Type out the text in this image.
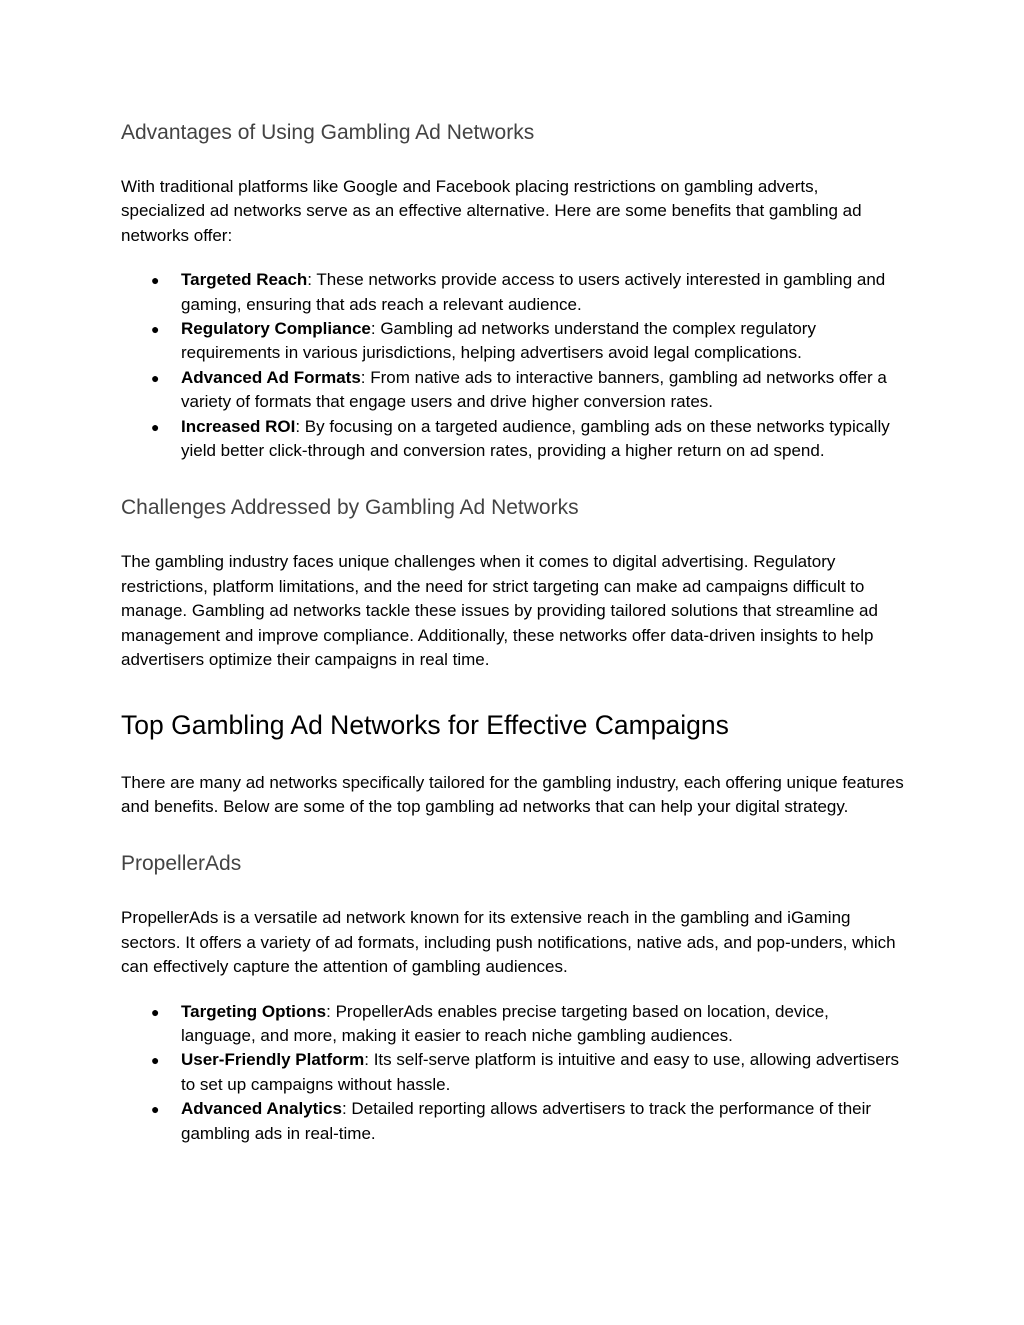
Advantages of Using Gambling Ad Networks

With traditional platforms like Google and Facebook placing restrictions on gambling adverts, specialized ad networks serve as an effective alternative. Here are some benefits that gambling ad networks offer:

● Targeted Reach: These networks provide access to users actively interested in gambling and gaming, ensuring that ads reach a relevant audience.
● Regulatory Compliance: Gambling ad networks understand the complex regulatory requirements in various jurisdictions, helping advertisers avoid legal complications.
● Advanced Ad Formats: From native ads to interactive banners, gambling ad networks offer a variety of formats that engage users and drive higher conversion rates.
● Increased ROI: By focusing on a targeted audience, gambling ads on these networks typically yield better click-through and conversion rates, providing a higher return on ad spend.
Challenges Addressed by Gambling Ad Networks

The gambling industry faces unique challenges when it comes to digital advertising. Regulatory restrictions, platform limitations, and the need for strict targeting can make ad campaigns difficult to manage. Gambling ad networks tackle these issues by providing tailored solutions that streamline ad management and improve compliance. Additionally, these networks offer data-driven insights to help advertisers optimize their campaigns in real time.

Top Gambling Ad Networks for Effective Campaigns

There are many ad networks specifically tailored for the gambling industry, each offering unique features and benefits. Below are some of the top gambling ad networks that can help your digital strategy.

PropellerAds

PropellerAds is a versatile ad network known for its extensive reach in the gambling and iGaming sectors. It offers a variety of ad formats, including push notifications, native ads, and pop-unders, which can effectively capture the attention of gambling audiences.

● Targeting Options: PropellerAds enables precise targeting based on location, device, language, and more, making it easier to reach niche gambling audiences.
● User-Friendly Platform: Its self-serve platform is intuitive and easy to use, allowing advertisers to set up campaigns without hassle.
● Advanced Analytics: Detailed reporting allows advertisers to track the performance of their gambling ads in real-time.
